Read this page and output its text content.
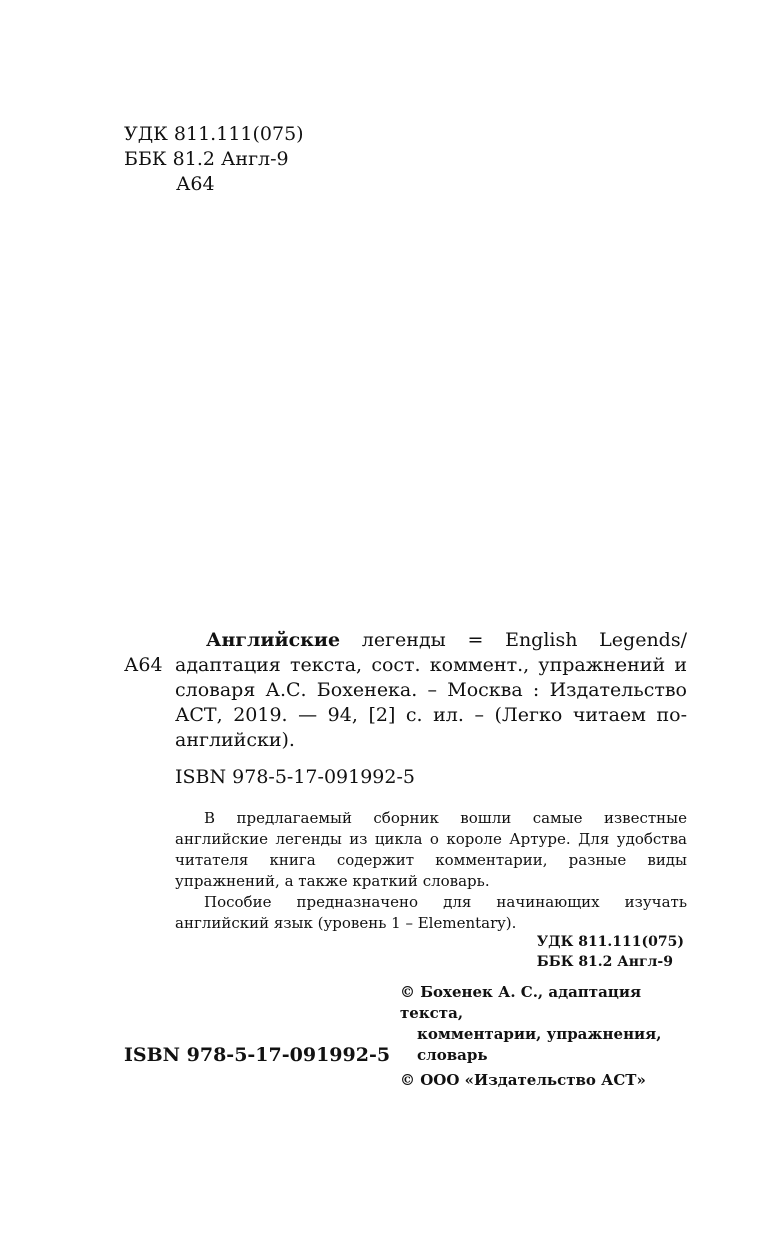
УДК 811.111(075)
ББК 81.2 Англ-9
А64
А64
Английские легенды = English Legends/
адаптация текста, сост. коммент., упражнений и
словаря А.С. Бохенека. – Москва : Издательство
АСТ, 2019. — 94, [2] с. ил. – (Легко читаем по-
английски).
ISBN 978-5-17-091992-5

В предлагаемый сборник вошли самые известные английские легенды из цикла о короле Артуре. Для удобства читателя книга содержит комментарии, разные виды упражнений, а также краткий словарь.

Пособие предназначено для начинающих изучать английский язык (уровень 1 – Elementary).

УДК 811.111(075)
ББК 81.2 Англ-9
© Бохенек А. С., адаптация текста,
комментарии, упражнения,
словарь
© ООО «Издательство АСТ»
ISBN 978-5-17-091992-5
